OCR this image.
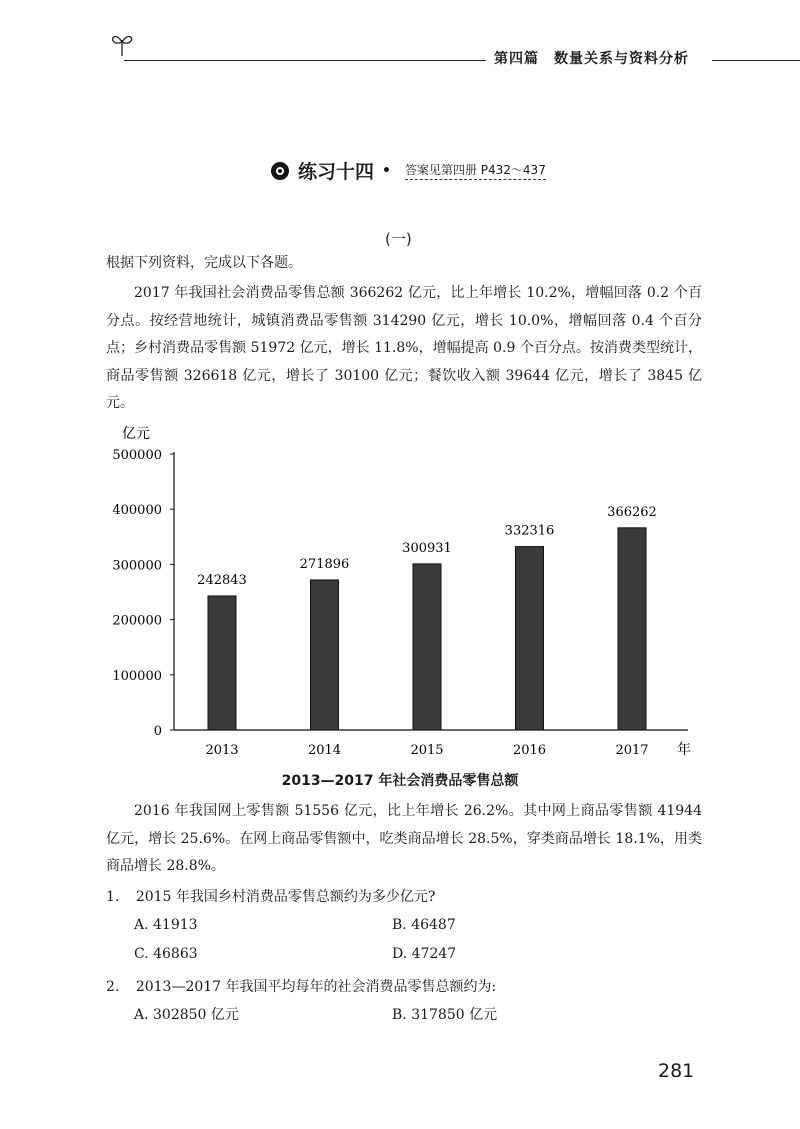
第四篇　数量关系与资料分析
练习十四 • 答案见第四册 P432～437
(一)
根据下列资料，完成以下各题。
2017 年我国社会消费品零售总额 366262 亿元，比上年增长 10.2%，增幅回落 0.2 个百分点。按经营地统计，城镇消费品零售额 314290 亿元，增长 10.0%，增幅回落 0.4 个百分点；乡村消费品零售额 51972 亿元，增长 11.8%，增幅提高 0.9 个百分点。按消费类型统计，商品零售额 326618 亿元，增长了 30100 亿元；餐饮收入额 39644 亿元，增长了 3845 亿元。
0
100000
200000
300000
400000
500000
亿元
242843
2013
271896
2014
300931
2015
332316
2016
366262
2017 年
2013—2017 年社会消费品零售总额
2016 年我国网上零售额 51556 亿元，比上年增长 26.2%。其中网上商品零售额 41944 亿元，增长 25.6%。在网上商品零售额中，吃类商品增长 28.5%，穿类商品增长 18.1%，用类商品增长 28.8%。
1. 2015 年我国乡村消费品零售总额约为多少亿元?
A. 41913	B. 46487
C. 46863	D. 47247
2. 2013—2017 年我国平均每年的社会消费品零售总额约为:
A. 302850 亿元	B. 317850 亿元
281
